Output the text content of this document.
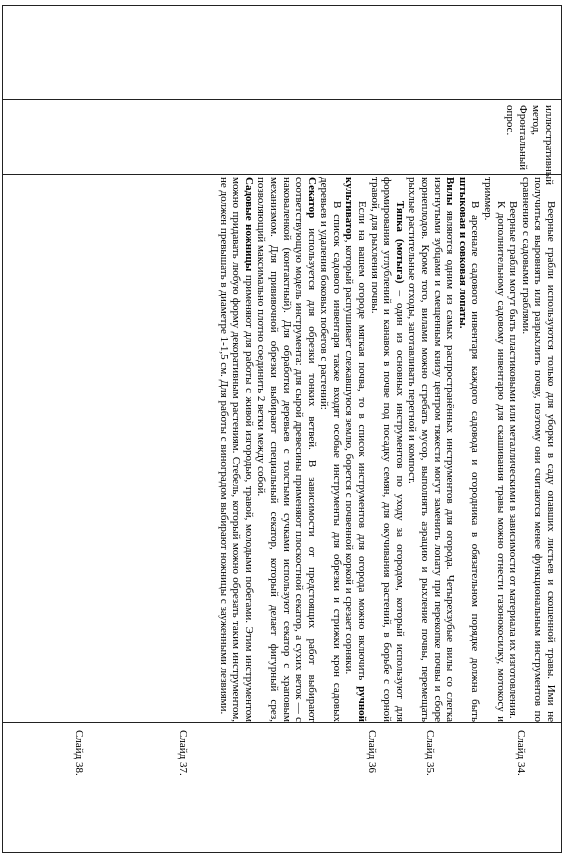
иллюстративный метод, Фронтальный опрос.

Веерные грабли используются только для уборки в саду опавших листьев и скошенной травы. Ими не получиться выровнять или разрыхлить почву, поэтому они считаются менее функциональным инструментов по сравнению с садовыми граблями.

Веерные грабли могут быть пластиковыми или металлическими в зависимости от материала их изготовления.

К дополнительному садовому инвентарю для скашивания травы можно отнести газонокосилку, мотокосу и триммер.

В арсенале садового инвентаря каждого садовода и огородника в обязательном порядке должна быть штыковая и совковая лопаты.

Вилы являются одним из самых распространённых инструментов для огорода. Четырехзубые вилы со слегка изогнутыми зубцами и смещенным книзу центром тяжести могут заменить лопату при перекопке почвы и сборе корнеплодов. Кроме того, вилами можно сгребать мусор, выполнять аэрацию и рыхление почвы, перемещать рыхлые растительные отходы, заготавливать перегной и компост.

Тяпка (мотыга) – один из основных инструментов по уходу за огородом, который используют для формирования углублений и канавок в почве под посадку семян, для окучивания растений, в борьбе с сорной травой, для рыхления почвы.

Если на вашем огороде мягкая почва, то в список инструментов для огорода можно включить ручной культиватор, который распушивает слежавшуюся землю, борется с почвенной коркой и срезает сорняки.

В список садового инвентаря также входят особые инструменты для обрезки и стрижки крон садовых деревьев и удаления боковых побегов с растений:

Секатор используется для обрезки тонких ветвей. В зависимости от предстоящих работ выбирают соответствующую модель инструмента: для сырой древесины применяют плоскостной секатор, а сухих веток — с наковаленкой (контактный). Для обработки деревьев с толстыми сучками используют секатор с храповым механизмом. Для прививочной обрезки выбирают специальный секатор, который делает фигурный срез, позволяющий максимально плотно соединить 2 ветки между собой.

Садовые ножницы применяют для работы с живой изгородью, травой, молодыми побегами. Этим инструментом можно придавать любую форму декоративным растениям. Стебель, который можно обрезать таким инструментом, не должен превышать в диаметре 1-1,5 см. Для работы с виноградом выбирают ножницы с зауженными лезвиями.

Слайд 34.
Слайд 35.
Слайд 36
Слайд 37.
Слайд 38.
